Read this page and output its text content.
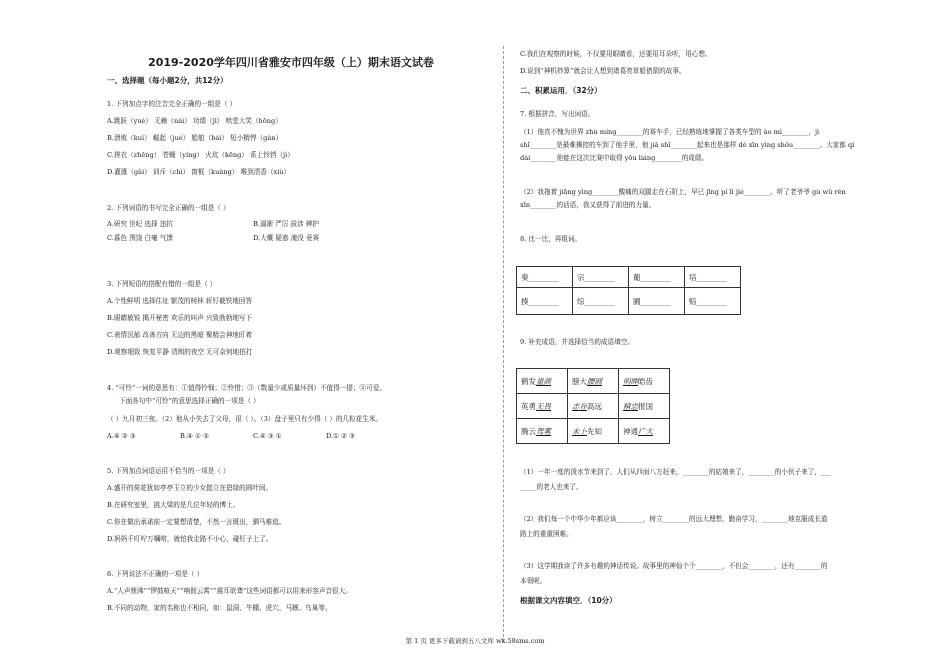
2019-2020学年四川省雅安市四年级（上）期末语文试卷
一、选择题（每小题2分，共12分）
1. 下列加点字的注音完全正确的一组是（ ）
A.跳跃（yuè） 无赖（nài） 功绩（jī） 哄堂大笑（hōng）
B.溃败（kuì） 崛起（jué） 船舶（bái） 短小精悍（gàn）
C.搓衣（zhēng） 苍蝇（yíng） 火坑（kēng） 系上铃铛（jì）
D.灌溉（gài） 训斥（chì） 窗框（kuàng） 喉到清香（xiù）
2. 下列词语的书写完全正确的一组是（ ）
A.研究 世纪 选择 违抗	B.逼渐 严厉 拔涉 辨护
C.暮色 围饶 白毫 气馈	D.大概 疑惑 淹没 竟赛
3. 下列短语的搭配有错的一组是（ ）
A.个性鲜明 选择住址 繁茂的树林 斩钉截铁地回答
B.眼睛敏锐 揭开秘密 欢乐的叫声 兴致勃勃地写下
C.表情沉郁 改善方向 无边的黑暗 聚精会神地盯着
D.观察细致 恢复平静 清朗的夜空 无可奈何地拍打
4. “可怜”一词的意思有：①值得怜悯；②怜惜；③（数量少或质量坏到）不值得一提；④可爱。
下面各句中“可怜”的意思选择正确的一项是（ ）
（ ）九月初三夜。（2）他从小失去了父母，很（ ）。（3）盘子里只有少得（ ）的几粒花生米。
A.④ ② ③	B.④ ① ③	C.④ ③ ①	D.① ② ③
5. 下列加点词语运用不恰当的一项是（ ）
A.盛开的荷花犹如亭亭玉立的少女挺立在碧绿的圆叶间。
B.在研究室里，挑大梁的是几位年轻的博士。
C.你在做出承诺前一定要想清楚，不然一言既出，驷马难追。
D.妈妈千叮咛万嘱咐，就怕我走路不小心，碰钉子上了。
6. 下列说法不正确的一项是（ ）
A.“人声鼎沸”“锣鼓喧天”“响彻云霄”“震耳欲聋”这些词语都可以用来形容声音很大。
B.不同的动物，家的名称也不相同，如：鼠洞、牛棚、虎穴、马厩、鸟巢等。
C.我们在观察的时候，不仅要用眼睛看，还要用耳朵听，用心想。
D.说到“神机妙算”就会让人想到诸葛亮草船借箭的故事。
二、积累运用．（32分）
7. 根据拼音，写出词语。
（1）他真不愧为世界 zhù míng________的赛车手，已经熟练地掌握了各类车型的 ào mì________，jì
shǐ________是最难操控的车到了他手里，他 jiā shǐ________起来也是那样 dé xīn yìng shǒu________。大家都 qí
dài________他能在这次比赛中取得 yōu liáng________的成绩。
（2）我拖着 jiāng yìng________酸痛的双腿走在石阶上，早已 jīng pí lì jié________。听了老爷爷 gù wǔ rén
xīn________的话语，我又获得了前进的力量。
8. 比一比，再组词。
奏________	宗________	葡________	培________
揍________	综________	圃________	赔________
9. 补充成语，并选择恰当的成语填空。
鹤发童颜	膀大腰圆	明眸皓齿
英勇无畏	志存高远	精忠报国
腾云驾雾	未卜先知	神通广大
（1）一年一度的泼水节来到了，人们从四面八方赶来，________的姑娘来了，________的小伙子来了，___
_____的老人也来了。
（2）我们每一个中华少年都应该________，树立________的远大理想，勤奋学习，________地克服成长道
路上的重重困难。
（3）这学期我读了许多有趣的神话传说。故事里的神仙个个________，不但会________，还有________的
本领呢。
根据课文内容填空．（10分）
第 1 页 更多下载请到五八文库 wk.58sms.com
